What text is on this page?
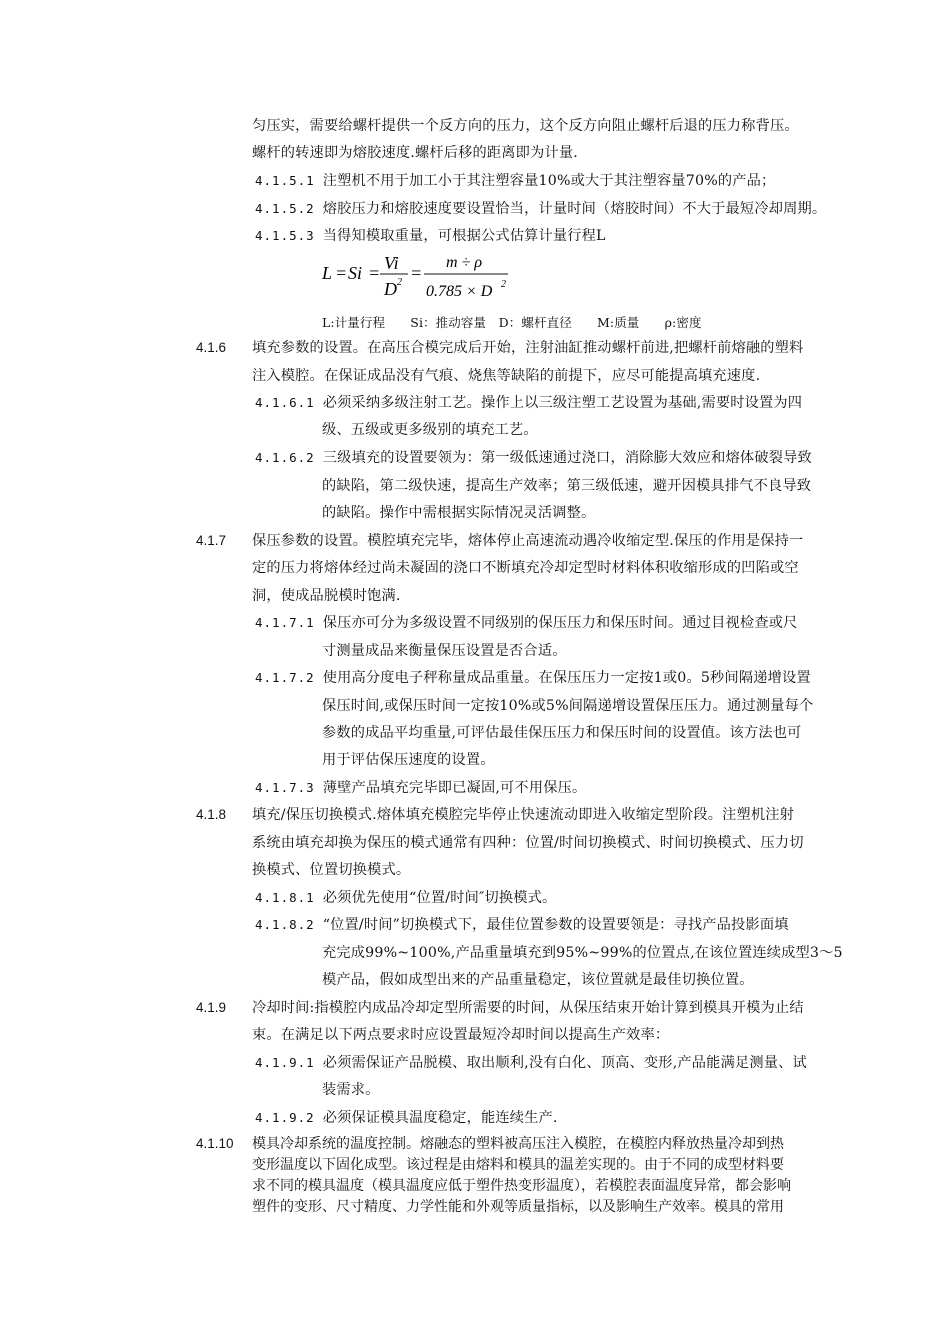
匀压实，需要给螺杆提供一个反方向的压力，这个反方向阻止螺杆后退的压力称背压。
螺杆的转速即为熔胶速度.螺杆后移的距离即为计量.
4.1.5.1 注塑机不用于加工小于其注塑容量10%或大于其注塑容量70%的产品；
4.1.5.2 熔胶压力和熔胶速度要设置恰当，计量时间（熔胶时间）不大于最短冷却周期。
4.1.5.3 当得知模取重量，可根据公式估算计量行程L
L = Si = Vi
D 2 =
m ÷ ρ
0.785 × D 2
L:计量行程　　Si：推动容量　D：螺杆直径　　M:质量　　ρ:密度
4.1.6 填充参数的设置。在高压合模完成后开始，注射油缸推动螺杆前进,把螺杆前熔融的塑料
注入模腔。在保证成品没有气痕、烧焦等缺陷的前提下，应尽可能提高填充速度.
4.1.6.1 必须采纳多级注射工艺。操作上以三级注塑工艺设置为基础,需要时设置为四
级、五级或更多级别的填充工艺。
4.1.6.2 三级填充的设置要领为：第一级低速通过浇口，消除膨大效应和熔体破裂导致
的缺陷，第二级快速，提高生产效率；第三级低速，避开因模具排气不良导致
的缺陷。操作中需根据实际情况灵活调整。
4.1.7 保压参数的设置。模腔填充完毕，熔体停止高速流动遇冷收缩定型.保压的作用是保持一
定的压力将熔体经过尚未凝固的浇口不断填充冷却定型时材料体积收缩形成的凹陷或空
洞，使成品脱模时饱满.
4.1.7.1 保压亦可分为多级设置不同级别的保压压力和保压时间。通过目视检查或尺
寸测量成品来衡量保压设置是否合适。
4.1.7.2 使用高分度电子秤称量成品重量。在保压压力一定按1或0。5秒间隔递增设置
保压时间,或保压时间一定按10%或5%间隔递增设置保压压力。通过测量每个
参数的成品平均重量,可评估最佳保压压力和保压时间的设置值。该方法也可
用于评估保压速度的设置。
4.1.7.3 薄壁产品填充完毕即已凝固,可不用保压。
4.1.8 填充/保压切换模式.熔体填充模腔完毕停止快速流动即进入收缩定型阶段。注塑机注射
系统由填充却换为保压的模式通常有四种：位置/时间切换模式、时间切换模式、压力切
换模式、位置切换模式。
4.1.8.1 必须优先使用“位置/时间″切换模式。
4.1.8.2 “位置/时间”切换模式下，最佳位置参数的设置要领是：寻找产品投影面填
充完成99%~100%,产品重量填充到95%~99%的位置点,在该位置连续成型3～5
模产品，假如成型出来的产品重量稳定，该位置就是最佳切换位置。
4.1.9 冷却时间:指模腔内成品冷却定型所需要的时间，从保压结束开始计算到模具开模为止结
束。在满足以下两点要求时应设置最短冷却时间以提高生产效率：
4.1.9.1 必须需保证产品脱模、取出顺利,没有白化、顶高、变形,产品能满足测量、试
装需求。
4.1.9.2 必须保证模具温度稳定，能连续生产.
4.1.10 模具冷却系统的温度控制。熔融态的塑料被高压注入模腔，在模腔内释放热量冷却到热
变形温度以下固化成型。该过程是由熔料和模具的温差实现的。由于不同的成型材料要
求不同的模具温度（模具温度应低于塑件热变形温度），若模腔表面温度异常，都会影响
塑件的变形、尺寸精度、力学性能和外观等质量指标，以及影响生产效率。模具的常用
